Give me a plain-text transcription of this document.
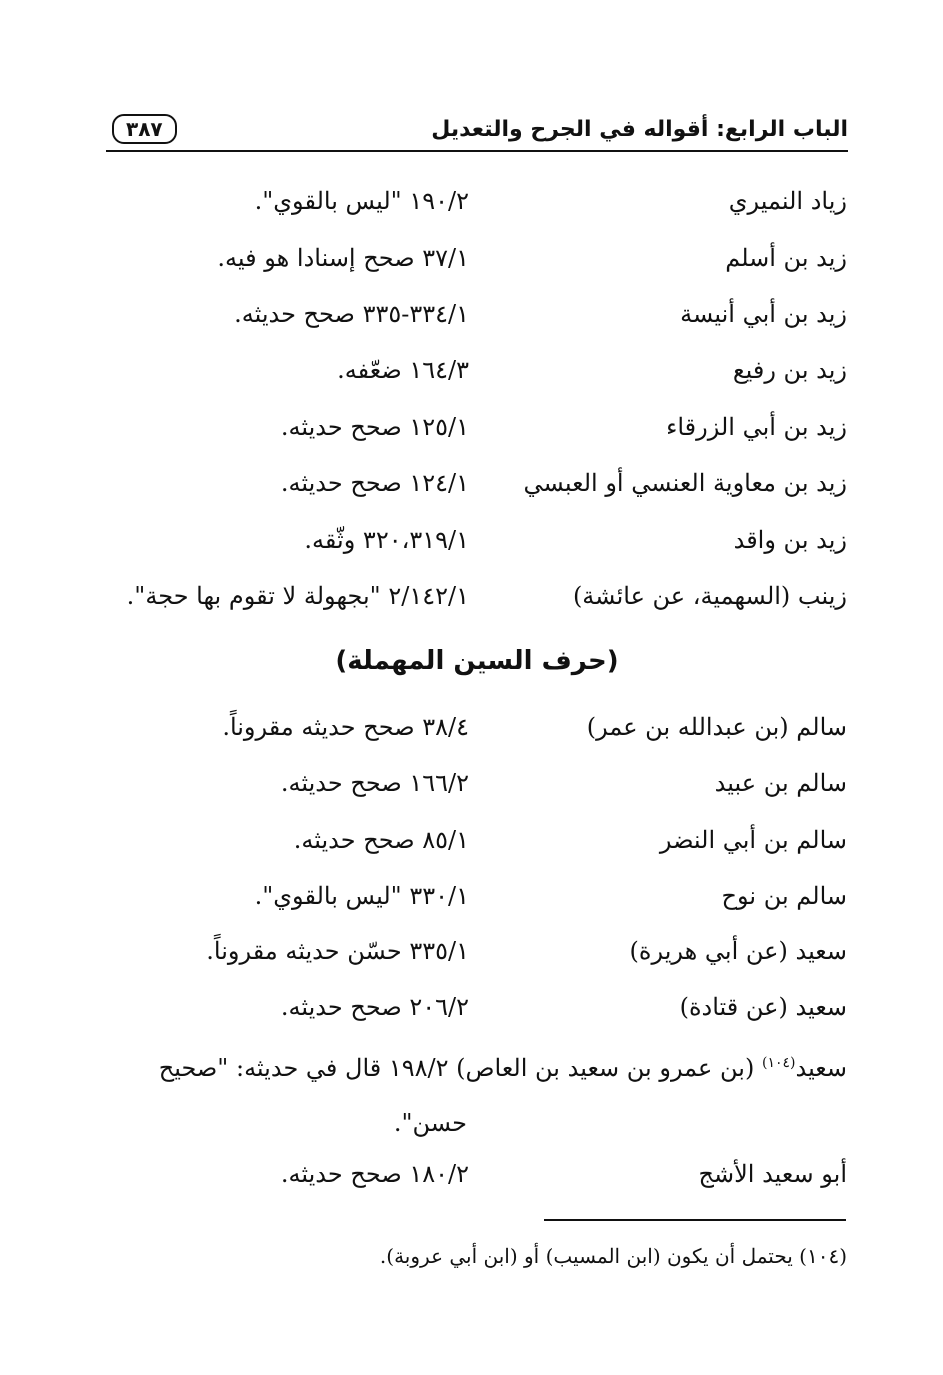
الباب الرابع: أقواله في الجرح والتعديل
٣٨٧
زياد النميري
٢/‏١٩٠ "ليس بالقوي".
زيد بن أسلم
١/‏٣٧ صحح إسنادا هو فيه.
زيد بن أبي أنيسة
١/‏٣٣٤-٣٣٥ صحح حديثه.
زيد بن رفيع
٣/‏١٦٤ ضعّفه.
زيد بن أبي الزرقاء
١/‏١٢٥ صحح حديثه.
زيد بن معاوية العنسي أو العبسي
١/‏١٢٤ صحح حديثه.
زيد بن واقد
١/‏٣١٩،‏٣٢٠ وثّقه.
زينب (السهمية، عن عائشة)
١/‏١٤٢/‏٢ "بجهولة لا تقوم بها حجة".
(حرف السين المهملة)
سالم (بن عبدالله بن عمر)
٤/‏٣٨ صحح حديثه مقروناً.
سالم بن عبيد
٢/‏١٦٦ صحح حديثه.
سالم بن أبي النضر
١/‏٨٥ صحح حديثه.
سالم بن نوح
١/‏٣٣٠ "ليس بالقوي".
سعيد (عن أبي هريرة)
١/‏٣٣٥ حسّن حديثه مقروناً.
سعيد (عن قتادة)
٢/‏٢٠٦ صحح حديثه.
سعيد$^{(١٠٤)}$ (بن عمرو بن سعيد بن العاص) ٢/‏١٩٨ قال في حديثه: "صحيح
حسن".
أبو سعيد الأشج
٢/‏١٨٠ صحح حديثه.
(١٠٤) يحتمل أن يكون (ابن المسيب) أو (ابن أبي عروبة).
